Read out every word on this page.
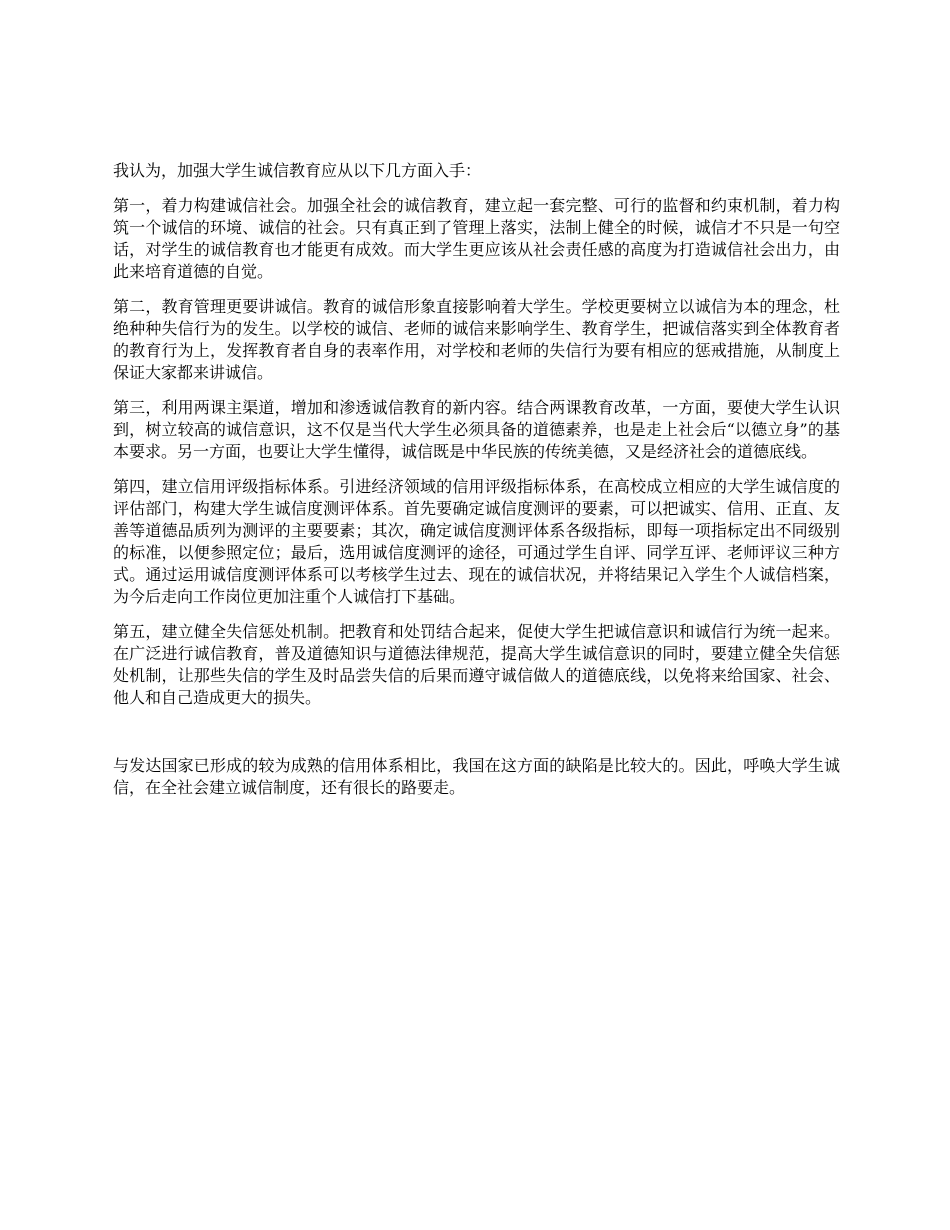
我认为，加强大学生诚信教育应从以下几方面入手：

第一，着力构建诚信社会。加强全社会的诚信教育，建立起一套完整、可行的监督和约束机制，着力构筑一个诚信的环境、诚信的社会。只有真正到了管理上落实，法制上健全的时候，诚信才不只是一句空话，对学生的诚信教育也才能更有成效。而大学生更应该从社会责任感的高度为打造诚信社会出力，由此来培育道德的自觉。

第二，教育管理更要讲诚信。教育的诚信形象直接影响着大学生。学校更要树立以诚信为本的理念，杜绝种种失信行为的发生。以学校的诚信、老师的诚信来影响学生、教育学生，把诚信落实到全体教育者的教育行为上，发挥教育者自身的表率作用，对学校和老师的失信行为要有相应的惩戒措施，从制度上保证大家都来讲诚信。

第三，利用两课主渠道，增加和渗透诚信教育的新内容。结合两课教育改革，一方面，要使大学生认识到，树立较高的诚信意识，这不仅是当代大学生必须具备的道德素养，也是走上社会后“以德立身”的基本要求。另一方面，也要让大学生懂得，诚信既是中华民族的传统美德，又是经济社会的道德底线。

第四，建立信用评级指标体系。引进经济领域的信用评级指标体系，在高校成立相应的大学生诚信度的评估部门，构建大学生诚信度测评体系。首先要确定诚信度测评的要素，可以把诚实、信用、正直、友善等道德品质列为测评的主要要素；其次，确定诚信度测评体系各级指标，即每一项指标定出不同级别的标准，以便参照定位；最后，选用诚信度测评的途径，可通过学生自评、同学互评、老师评议三种方式。通过运用诚信度测评体系可以考核学生过去、现在的诚信状况，并将结果记入学生个人诚信档案，为今后走向工作岗位更加注重个人诚信打下基础。

第五，建立健全失信惩处机制。把教育和处罚结合起来，促使大学生把诚信意识和诚信行为统一起来。在广泛进行诚信教育，普及道德知识与道德法律规范，提高大学生诚信意识的同时，要建立健全失信惩处机制，让那些失信的学生及时品尝失信的后果而遵守诚信做人的道德底线，以免将来给国家、社会、他人和自己造成更大的损失。

与发达国家已形成的较为成熟的信用体系相比，我国在这方面的缺陷是比较大的。因此，呼唤大学生诚信，在全社会建立诚信制度，还有很长的路要走。
